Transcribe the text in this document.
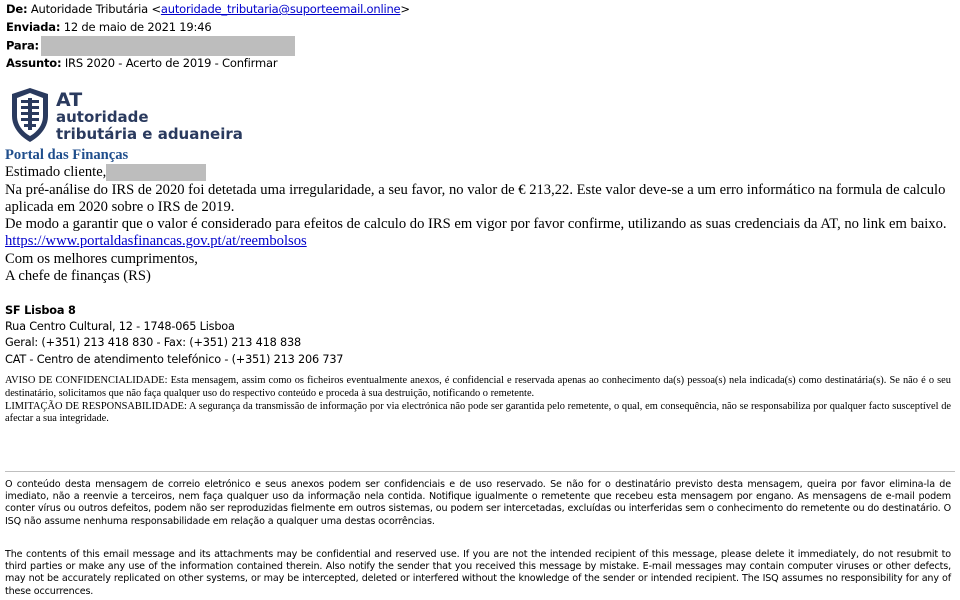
De: Autoridade Tributária <autoridade_tributaria@suporteemail.online>
Enviada: 12 de maio de 2021 19:46
Para:
Assunto: IRS 2020 - Acerto de 2019 - Confirmar
AT
autoridade
tributária e aduaneira
Portal das Finanças
Estimado cliente,
Na pré-análise do IRS de 2020 foi detetada uma irregularidade, a seu favor, no valor de € 213,22. Este valor deve-se a um erro informático na formula de calculo aplicada em 2020 sobre o IRS de 2019.
De modo a garantir que o valor é considerado para efeitos de calculo do IRS em vigor por favor confirme, utilizando as suas credenciais da AT, no link em baixo.
https://www.portaldasfinancas.gov.pt/at/reembolsos
Com os melhores cumprimentos,
A chefe de finanças (RS)
SF Lisboa 8
Rua Centro Cultural, 12 - 1748-065 Lisboa
Geral: (+351) 213 418 830 - Fax: (+351) 213 418 838
CAT - Centro de atendimento telefónico - (+351) 213 206 737
AVISO DE CONFIDENCIALIDADE: Esta mensagem, assim como os ficheiros eventualmente anexos, é confidencial e reservada apenas ao conhecimento da(s) pessoa(s) nela indicada(s) como destinatária(s). Se não é o seu destinatário, solicitamos que não faça qualquer uso do respectivo conteúdo e proceda à sua destruição, notificando o remetente.
LIMITAÇÃO DE RESPONSABILIDADE: A segurança da transmissão de informação por via electrónica não pode ser garantida pelo remetente, o qual, em consequência, não se responsabiliza por qualquer facto susceptível de afectar a sua integridade.
O conteúdo desta mensagem de correio eletrónico e seus anexos podem ser confidenciais e de uso reservado. Se não for o destinatário previsto desta mensagem, queira por favor elimina-la de imediato, não a reenvie a terceiros, nem faça qualquer uso da informação nela contida. Notifique igualmente o remetente que recebeu esta mensagem por engano. As mensagens de e-mail podem conter vírus ou outros defeitos, podem não ser reproduzidas fielmente em outros sistemas, ou podem ser intercetadas, excluídas ou interferidas sem o conhecimento do remetente ou do destinatário. O ISQ não assume nenhuma responsabilidade em relação a qualquer uma destas ocorrências.
The contents of this email message and its attachments may be confidential and reserved use. If you are not the intended recipient of this message, please delete it immediately, do not resubmit to third parties or make any use of the information contained therein. Also notify the sender that you received this message by mistake. E-mail messages may contain computer viruses or other defects, may not be accurately replicated on other systems, or may be intercepted, deleted or interfered without the knowledge of the sender or intended recipient. The ISQ assumes no responsibility for any of these occurrences.
